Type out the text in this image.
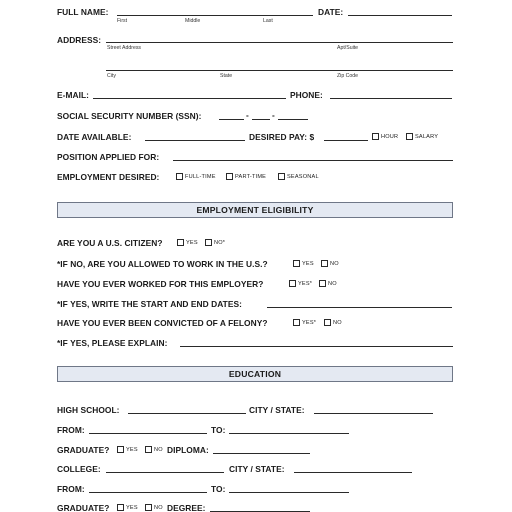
FULL NAME:
First	Middle	Last
DATE:
ADDRESS:
Street Address	Apt/Suite
City	State	Zip Code
E-MAIL:	PHONE:
SOCIAL SECURITY NUMBER (SSN):	-	-
DATE AVAILABLE:	DESIRED PAY: $	HOUR	SALARY
POSITION APPLIED FOR:
EMPLOYMENT DESIRED:	FULL-TIME	PART-TIME	SEASONAL
EMPLOYMENT ELIGIBILITY
ARE YOU A U.S. CITIZEN?	YES	NO*
*IF NO, ARE YOU ALLOWED TO WORK IN THE U.S.?	YES	NO
HAVE YOU EVER WORKED FOR THIS EMPLOYER?	YES*	NO
*IF YES, WRITE THE START AND END DATES:
HAVE YOU EVER BEEN CONVICTED OF A FELONY?	YES*	NO
*IF YES, PLEASE EXPLAIN:
EDUCATION
HIGH SCHOOL:	CITY / STATE:
FROM:	TO:
GRADUATE?	YES	NO DIPLOMA:
COLLEGE:	CITY / STATE:
FROM:	TO:
GRADUATE?	YES	NO DEGREE:
